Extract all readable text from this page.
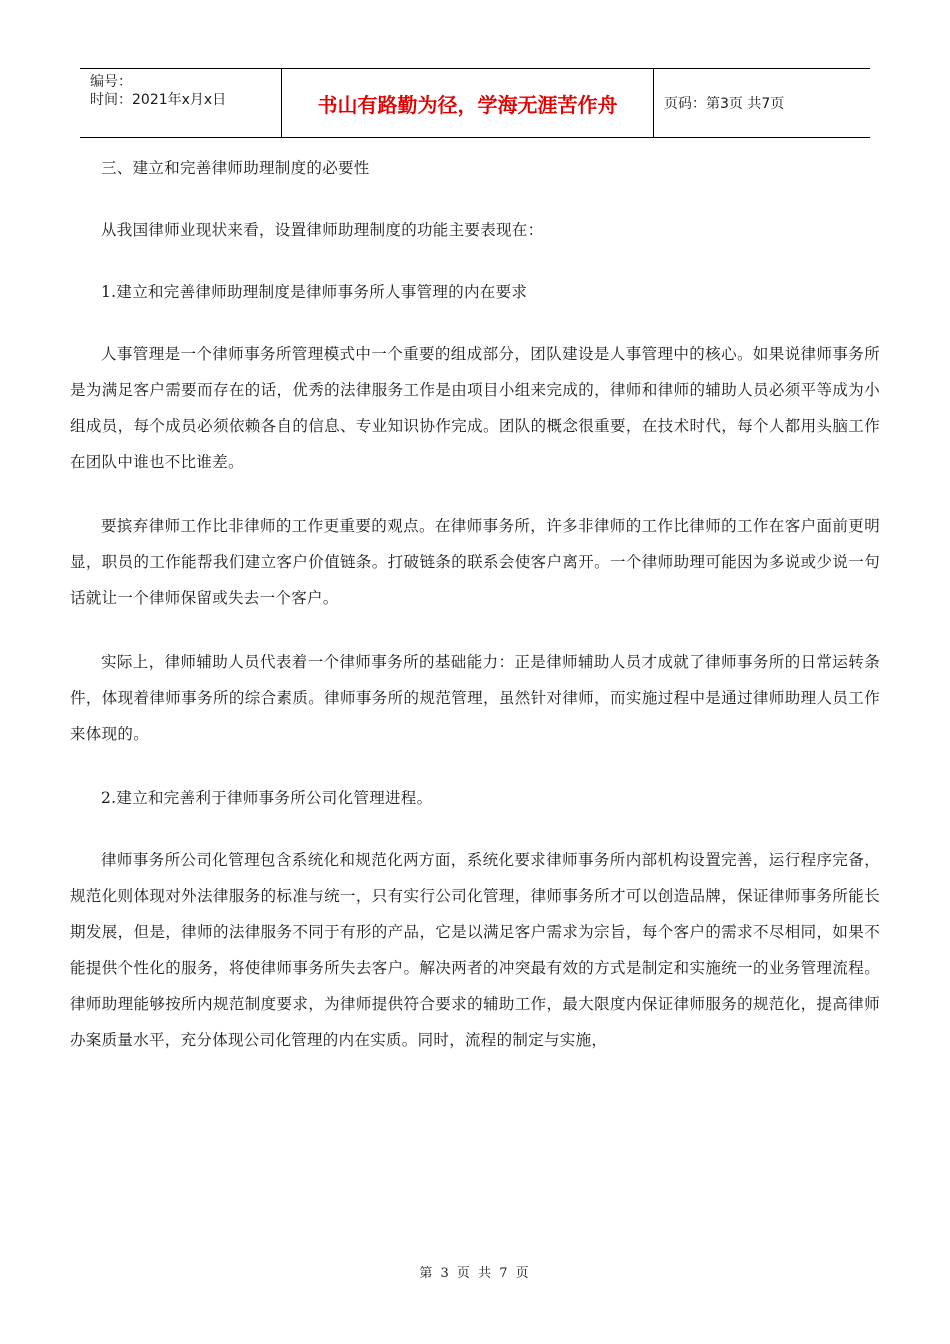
编号：
时间：2021年x月x日	书山有路勤为径，学海无涯苦作舟	页码：第3页 共7页

三、建立和完善律师助理制度的必要性

从我国律师业现状来看，设置律师助理制度的功能主要表现在：

1.建立和完善律师助理制度是律师事务所人事管理的内在要求

人事管理是一个律师事务所管理模式中一个重要的组成部分，团队建设是人事管理中的核心。如果说律师事务所是为满足客户需要而存在的话，优秀的法律服务工作是由项目小组来完成的，律师和律师的辅助人员必须平等成为小组成员，每个成员必须依赖各自的信息、专业知识协作完成。团队的概念很重要，在技术时代，每个人都用头脑工作在团队中谁也不比谁差。

要摈弃律师工作比非律师的工作更重要的观点。在律师事务所，许多非律师的工作比律师的工作在客户面前更明显，职员的工作能帮我们建立客户价值链条。打破链条的联系会使客户离开。一个律师助理可能因为多说或少说一句话就让一个律师保留或失去一个客户。

实际上，律师辅助人员代表着一个律师事务所的基础能力：正是律师辅助人员才成就了律师事务所的日常运转条件，体现着律师事务所的综合素质。律师事务所的规范管理，虽然针对律师，而实施过程中是通过律师助理人员工作来体现的。

2.建立和完善利于律师事务所公司化管理进程。

律师事务所公司化管理包含系统化和规范化两方面，系统化要求律师事务所内部机构设置完善，运行程序完备，规范化则体现对外法律服务的标准与统一，只有实行公司化管理，律师事务所才可以创造品牌，保证律师事务所能长期发展，但是，律师的法律服务不同于有形的产品，它是以满足客户需求为宗旨，每个客户的需求不尽相同，如果不能提供个性化的服务，将使律师事务所失去客户。解决两者的冲突最有效的方式是制定和实施统一的业务管理流程。律师助理能够按所内规范制度要求，为律师提供符合要求的辅助工作，最大限度内保证律师服务的规范化，提高律师办案质量水平，充分体现公司化管理的内在实质。同时，流程的制定与实施，

第 3 页 共 7 页
